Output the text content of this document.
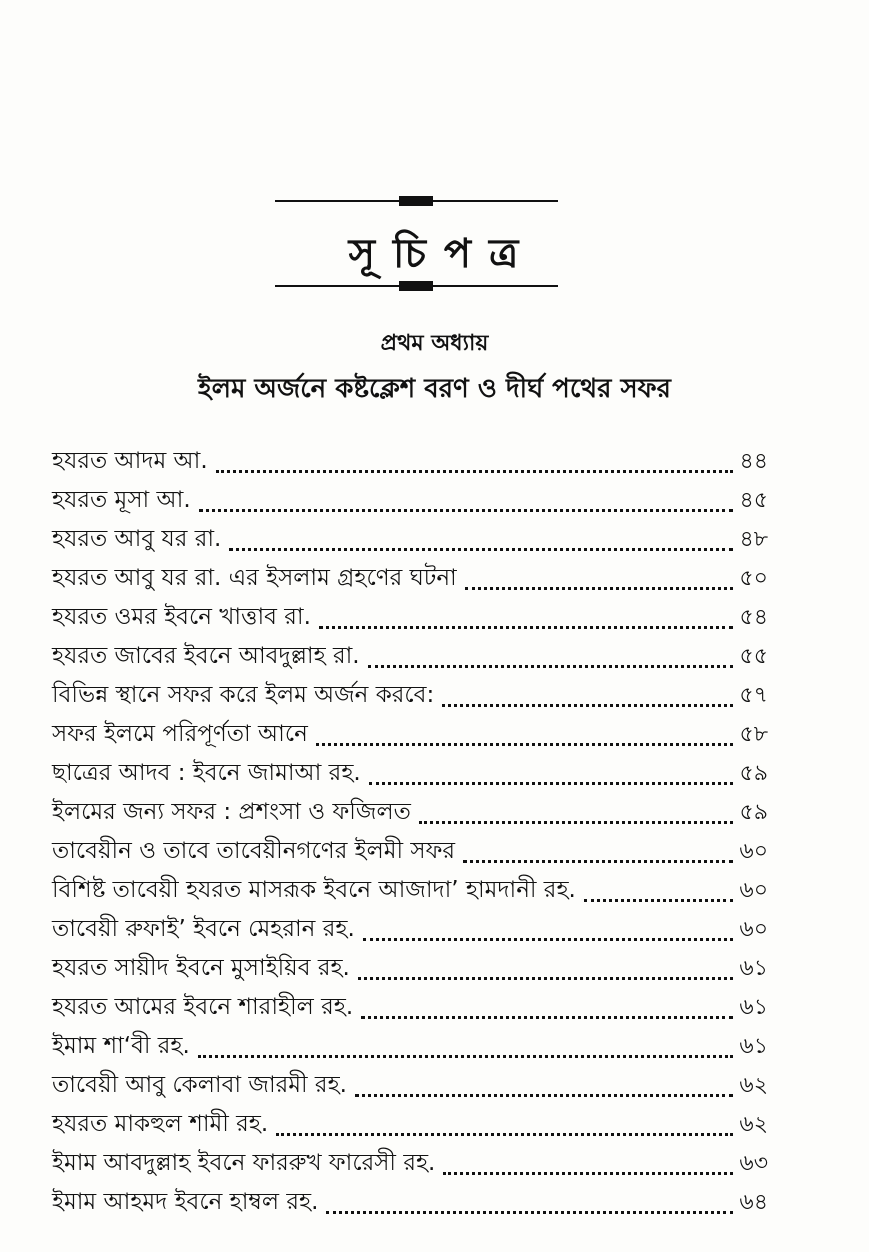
সূ চি প ত্র
প্রথম অধ্যায়
ইলম অর্জনে কষ্টক্লেশ বরণ ও দীর্ঘ পথের সফর
হযরত আদম আ.	৪৪
হযরত মূসা আ.	৪৫
হযরত আবু যর রা.	৪৮
হযরত আবু যর রা. এর ইসলাম গ্রহণের ঘটনা	৫০
হযরত ওমর ইবনে খাত্তাব রা.	৫৪
হযরত জাবের ইবনে আবদুল্লাহ রা.	৫৫
বিভিন্ন স্থানে সফর করে ইলম অর্জন করবে:	৫৭
সফর ইলমে পরিপূর্ণতা আনে	৫৮
ছাত্রের আদব : ইবনে জামাআ রহ.	৫৯
ইলমের জন্য সফর : প্রশংসা ও ফজিলত	৫৯
তাবেয়ীন ও তাবে তাবেয়ীনগণের ইলমী সফর	৬০
বিশিষ্ট তাবেয়ী হযরত মাসরূক ইবনে আজাদা’ হামদানী রহ.	৬০
তাবেয়ী রুফাই’ ইবনে মেহরান রহ.	৬০
হযরত সায়ীদ ইবনে মুসাইয়িব রহ.	৬১
হযরত আমের ইবনে শারাহীল রহ.	৬১
ইমাম শা‘বী রহ.	৬১
তাবেয়ী আবু কেলাবা জারমী রহ.	৬২
হযরত মাকহুল শামী রহ.	৬২
ইমাম আবদুল্লাহ ইবনে ফাররুখ ফারেসী রহ.	৬৩
ইমাম আহমদ ইবনে হাম্বল রহ.	৬৪
